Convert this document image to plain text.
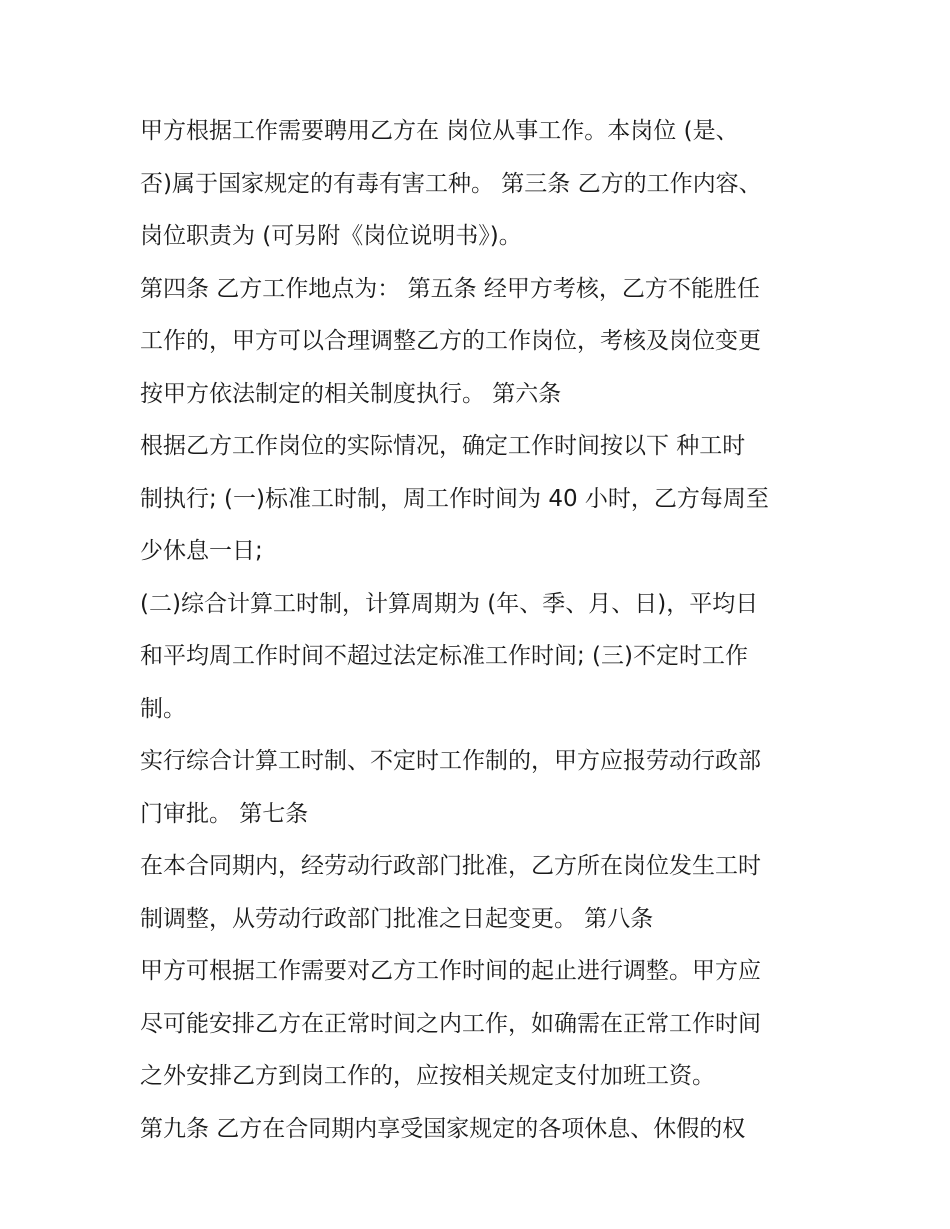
甲方根据工作需要聘用乙方在 岗位从事工作。本岗位 (是、
否)属于国家规定的有毒有害工种。 第三条 乙方的工作内容、
岗位职责为 (可另附《岗位说明书》)。
第四条 乙方工作地点为： 第五条 经甲方考核，乙方不能胜任
工作的，甲方可以合理调整乙方的工作岗位，考核及岗位变更
按甲方依法制定的相关制度执行。 第六条
根据乙方工作岗位的实际情况，确定工作时间按以下 种工时
制执行; (一)标准工时制，周工作时间为 40 小时，乙方每周至
少休息一日;
(二)综合计算工时制，计算周期为 (年、季、月、日)，平均日
和平均周工作时间不超过法定标准工作时间; (三)不定时工作
制。
实行综合计算工时制、不定时工作制的，甲方应报劳动行政部
门审批。 第七条
在本合同期内，经劳动行政部门批准，乙方所在岗位发生工时
制调整，从劳动行政部门批准之日起变更。 第八条
甲方可根据工作需要对乙方工作时间的起止进行调整。甲方应
尽可能安排乙方在正常时间之内工作，如确需在正常工作时间
之外安排乙方到岗工作的，应按相关规定支付加班工资。
第九条 乙方在合同期内享受国家规定的各项休息、休假的权
